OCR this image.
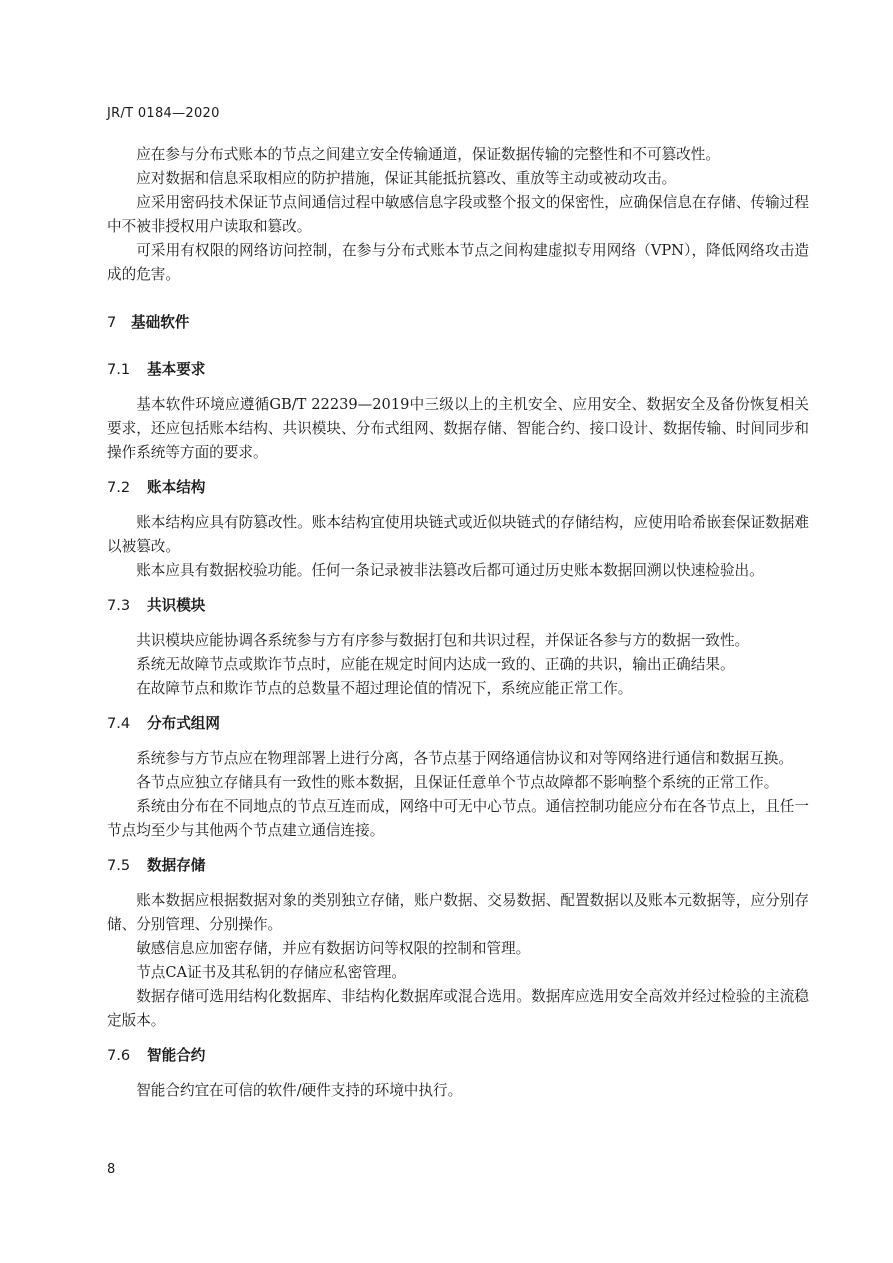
JR/T 0184—2020

应在参与分布式账本的节点之间建立安全传输通道，保证数据传输的完整性和不可篡改性。

应对数据和信息采取相应的防护措施，保证其能抵抗篡改、重放等主动或被动攻击。

应采用密码技术保证节点间通信过程中敏感信息字段或整个报文的保密性，应确保信息在存储、传输过程中不被非授权用户读取和篡改。

可采用有权限的网络访问控制，在参与分布式账本节点之间构建虚拟专用网络（VPN），降低网络攻击造成的危害。

7 基础软件
7.1 基本要求

基本软件环境应遵循GB/T 22239—2019中三级以上的主机安全、应用安全、数据安全及备份恢复相关要求，还应包括账本结构、共识模块、分布式组网、数据存储、智能合约、接口设计、数据传输、时间同步和操作系统等方面的要求。

7.2 账本结构

账本结构应具有防篡改性。账本结构宜使用块链式或近似块链式的存储结构，应使用哈希嵌套保证数据难以被篡改。

账本应具有数据校验功能。任何一条记录被非法篡改后都可通过历史账本数据回溯以快速检验出。

7.3 共识模块

共识模块应能协调各系统参与方有序参与数据打包和共识过程，并保证各参与方的数据一致性。

系统无故障节点或欺诈节点时，应能在规定时间内达成一致的、正确的共识，输出正确结果。

在故障节点和欺诈节点的总数量不超过理论值的情况下，系统应能正常工作。

7.4 分布式组网

系统参与方节点应在物理部署上进行分离，各节点基于网络通信协议和对等网络进行通信和数据互换。

各节点应独立存储具有一致性的账本数据，且保证任意单个节点故障都不影响整个系统的正常工作。

系统由分布在不同地点的节点互连而成，网络中可无中心节点。通信控制功能应分布在各节点上，且任一节点均至少与其他两个节点建立通信连接。

7.5 数据存储

账本数据应根据数据对象的类别独立存储，账户数据、交易数据、配置数据以及账本元数据等，应分别存储、分别管理、分别操作。

敏感信息应加密存储，并应有数据访问等权限的控制和管理。

节点CA证书及其私钥的存储应私密管理。

数据存储可选用结构化数据库、非结构化数据库或混合选用。数据库应选用安全高效并经过检验的主流稳定版本。

7.6 智能合约

智能合约宜在可信的软件/硬件支持的环境中执行。

8
